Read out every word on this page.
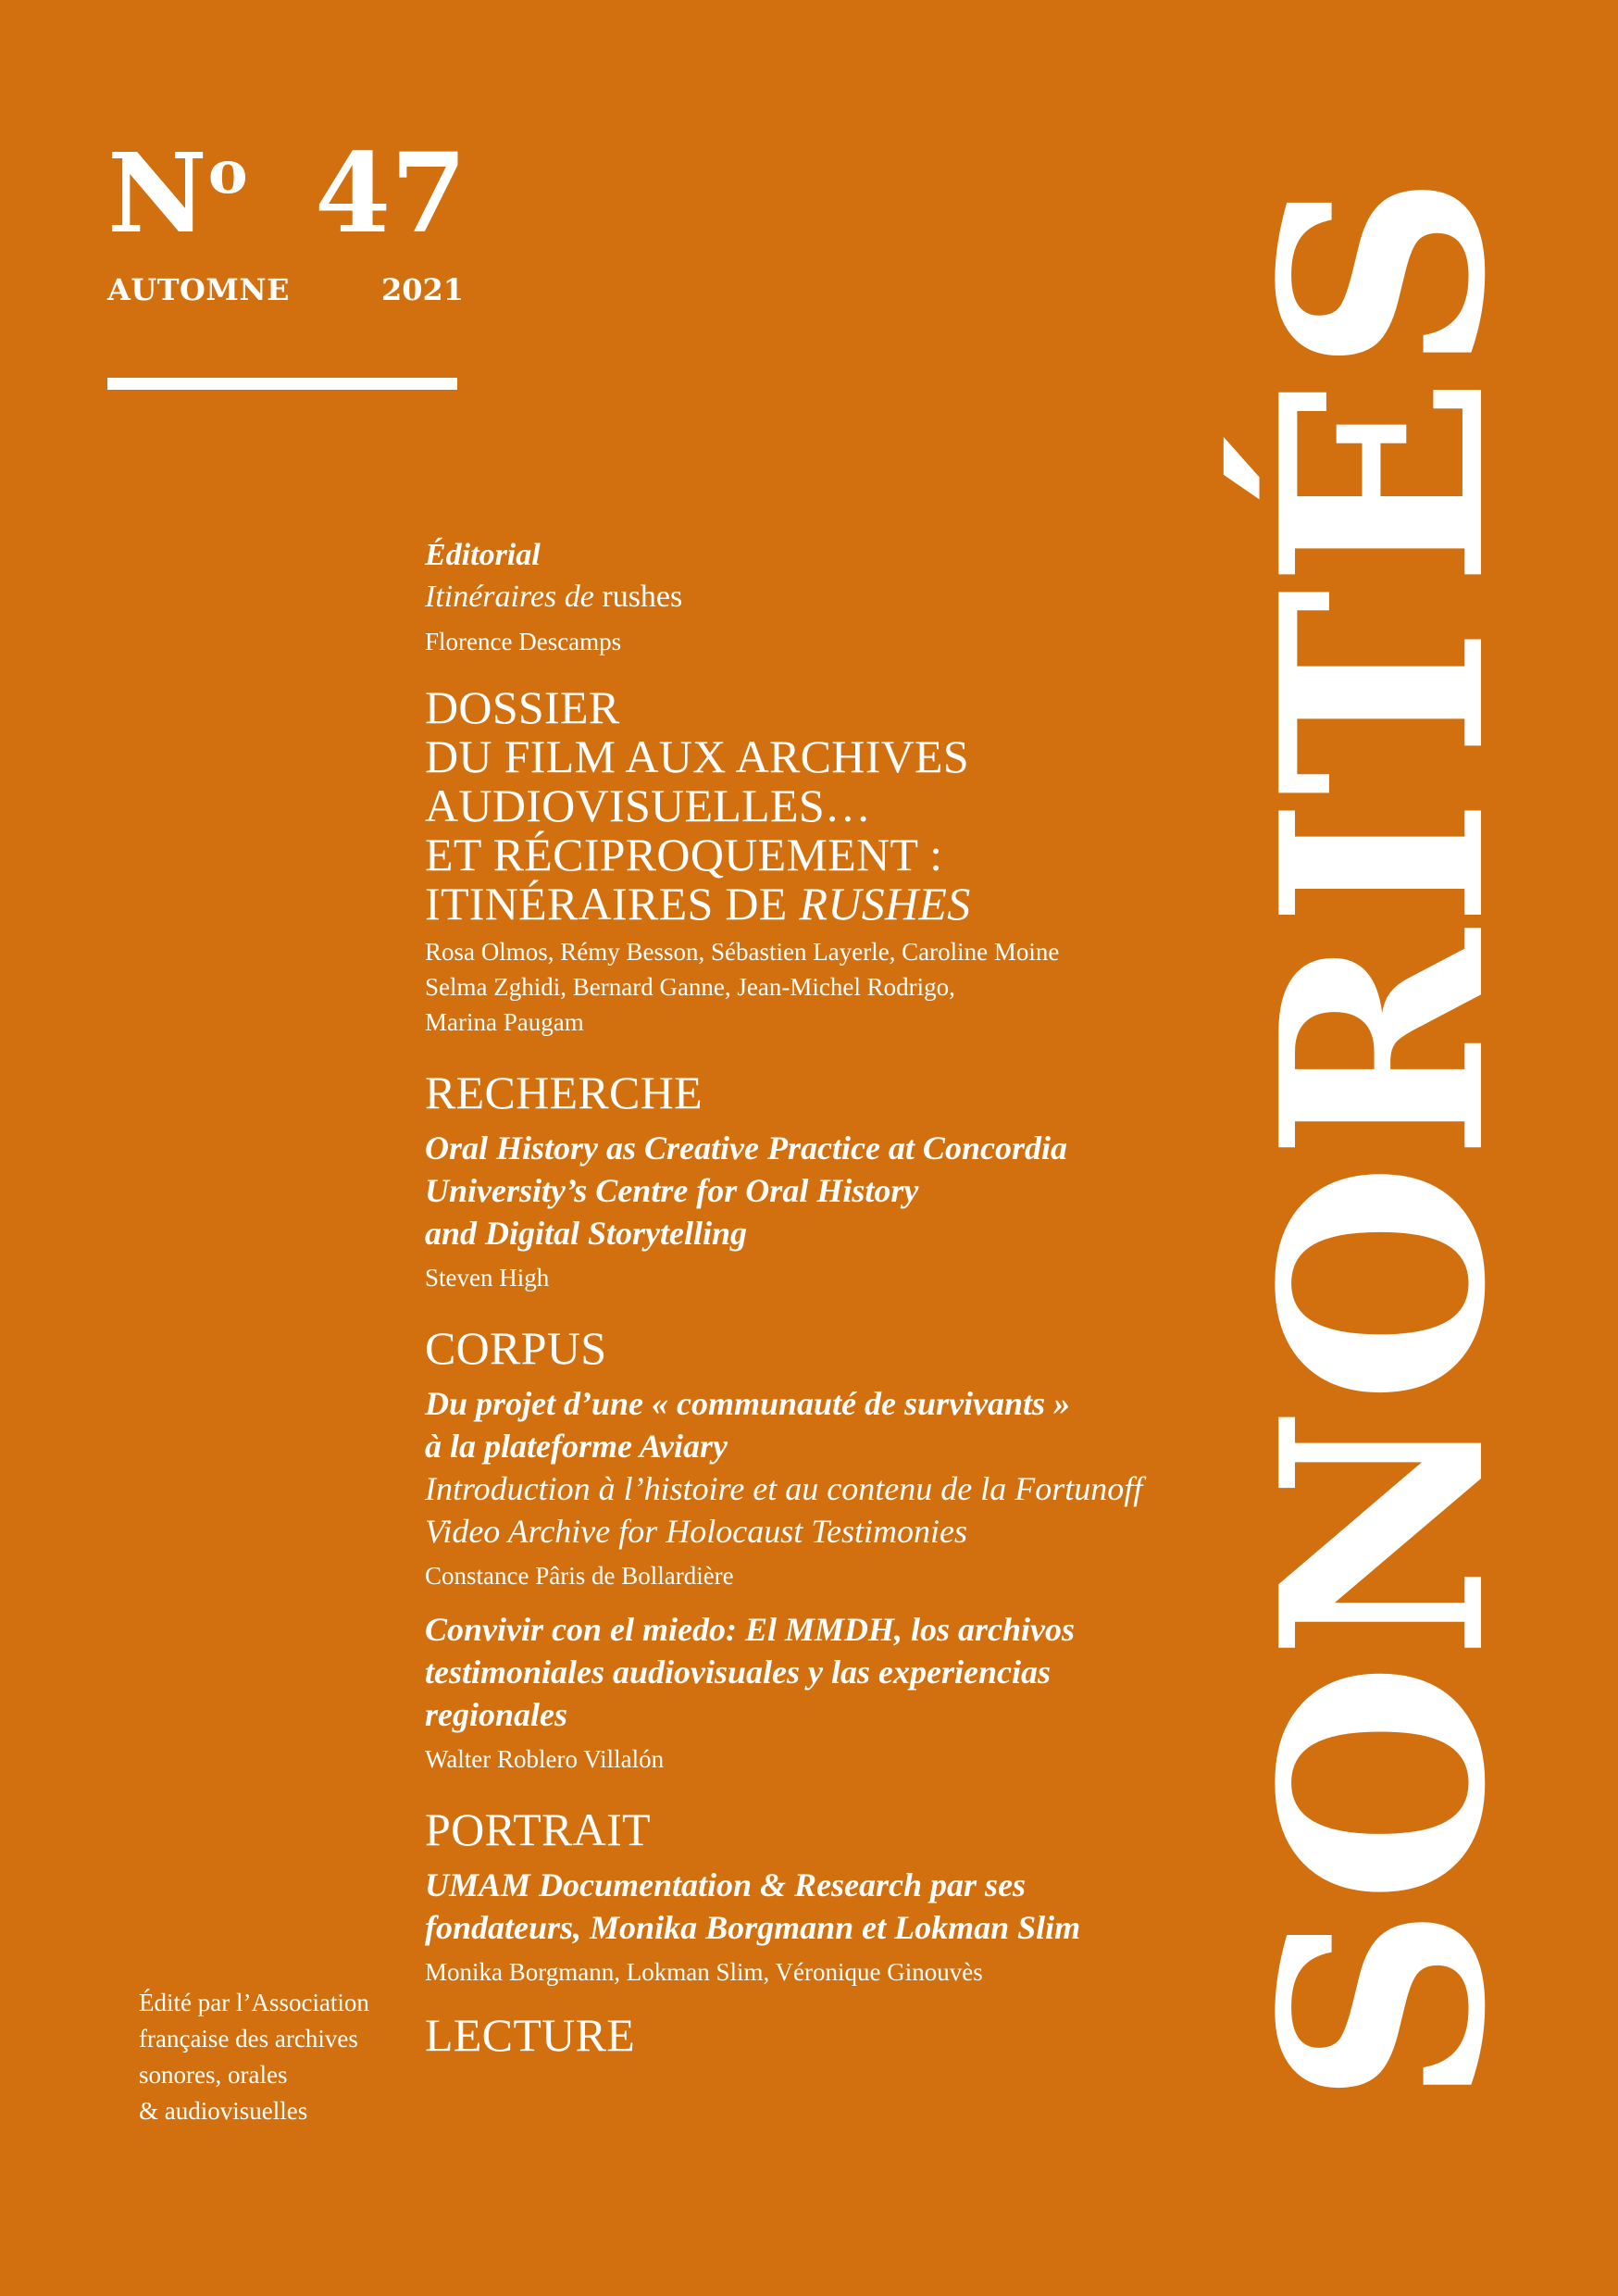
$N^o$ 47
AUTOMNE	2021	SONORITÉS
Éditorial
Itinéraires de rushes
Florence Descamps
DOSSIER
DU FILM AUX ARCHIVES
AUDIOVISUELLES…
ET RÉCIPROQUEMENT :
ITINÉRAIRES DE RUSHES
Rosa Olmos, Rémy Besson, Sébastien Layerle, Caroline Moine
Selma Zghidi, Bernard Ganne, Jean-Michel Rodrigo,
Marina Paugam
RECHERCHE
Oral History as Creative Practice at Concordia
University’s Centre for Oral History
and Digital Storytelling
Steven High
CORPUS
Du projet d’une « communauté de survivants »
à la plateforme Aviary
Introduction à l’histoire et au contenu de la Fortunoff
Video Archive for Holocaust Testimonies
Constance Pâris de Bollardière
Convivir con el miedo: El MMDH, los archivos
testimoniales audiovisuales y las experiencias
regionales
Walter Roblero Villalón
PORTRAIT
UMAM Documentation & Research par ses
fondateurs, Monika Borgmann et Lokman Slim
Monika Borgmann, Lokman Slim, Véronique Ginouvès
LECTURE
Édité par l’Association
française des archives
sonores, orales
& audiovisuelles
